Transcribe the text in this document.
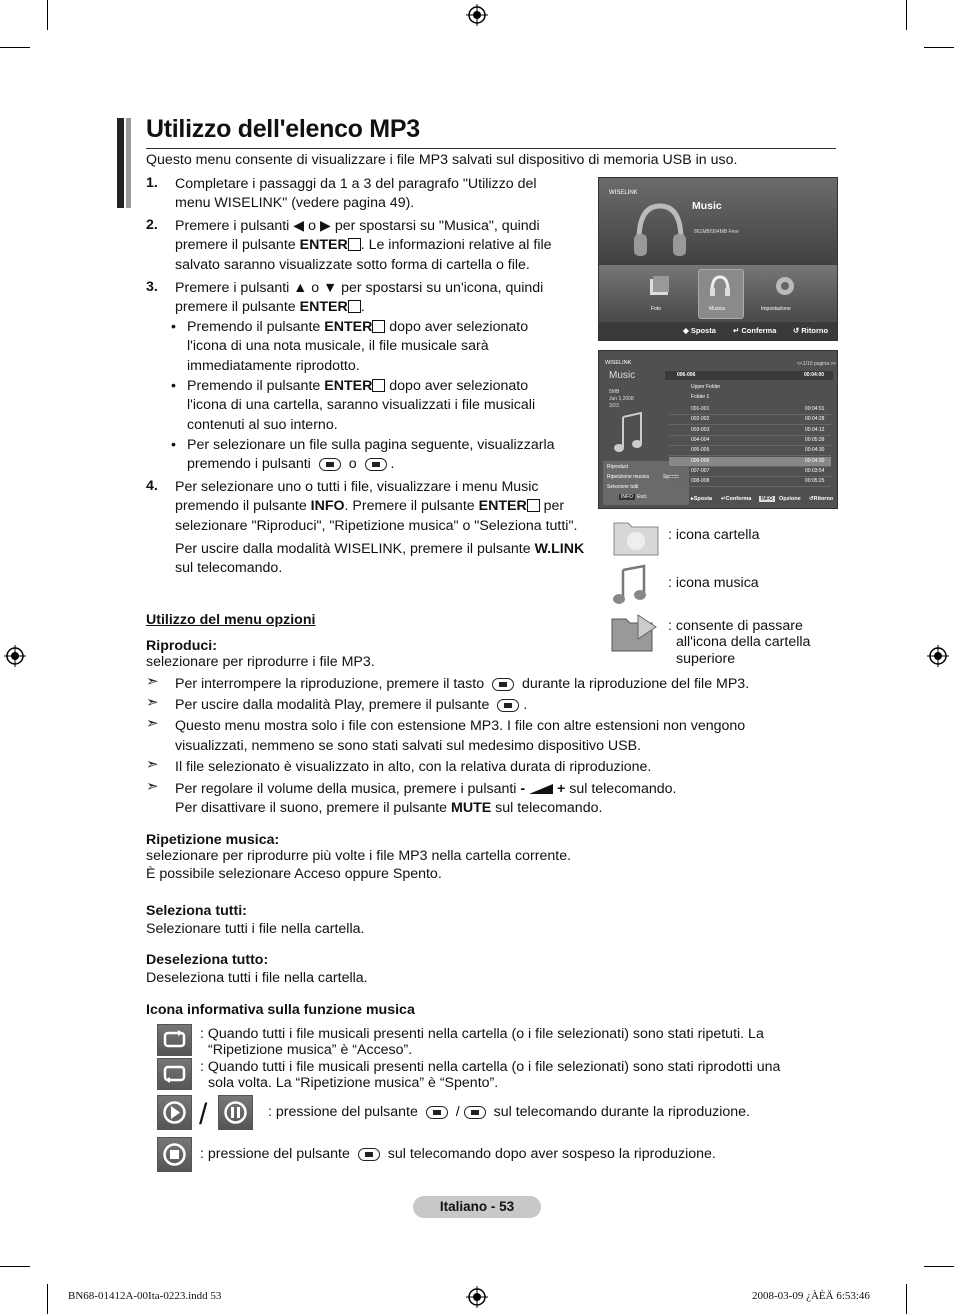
Utilizzo dell'elenco MP3
Questo menu consente di visualizzare i file MP3 salvati sul dispositivo di memoria USB in uso.
1. Completare i passaggi da 1 a 3 del paragrafo "Utilizzo del
menu WISELINK" (vedere pagina 49).
2. Premere i pulsanti ◀ o ▶ per spostarsi su "Musica", quindi
premere il pulsante ENTER . Le informazioni relative al file
salvato saranno visualizzate sotto forma di cartella o file.
3. Premere i pulsanti ▲ o ▼ per spostarsi su un'icona, quindi
premere il pulsante ENTER .
• Premendo il pulsante ENTER dopo aver selezionato
l'icona di una nota musicale, il file musicale sarà
immediatamente riprodotto.
• Premendo il pulsante ENTER dopo aver selezionato
l'icona di una cartella, saranno visualizzati i file musicali
contenuti al suo interno.
• Per selezionare un file sulla pagina seguente, visualizzarla
premendo i pulsanti  o .
4. Per selezionare uno o tutti i file, visualizzare i menu Music
premendo il pulsante INFO. Premere il pulsante ENTER per
selezionare "Riproduci", "Ripetizione musica" o "Seleziona tutti".
Per uscire dalla modalità WISELINK, premere il pulsante W.LINK
sul telecomando.
WISELINK
Music
861MB/994MB Free
Foto	Musica	Impostazione
◆ Sposta ↵ Conferma ↺ Ritorno
WISELINK	<<1/10 pagina >>
Music
5MB
Jun 1,2008
3/23
006-006	00:04:00
Upper Folder
Folder 1
Riproduci
Ripetizione musica	Spento
Selezione tutti
INFO Esci	▸Sposta ↵Conferma	INFO	Opzione ↺Ritorno
001-001	00:04:01
002-002	00:04:28
003-003	00:04:12
004-004	00:05:39
005-005	00:04:30
006-006	00:04:30
007-007	00:03:54
008-008	00:05:25
: icona cartella
: icona musica
: consente di passare
all'icona della cartella
superiore
Utilizzo del menu opzioni
Riproduci:
selezionare per riprodurre i file MP3.
➣ Per interrompere la riproduzione, premere il tasto  durante la riproduzione del file MP3.
➣ Per uscire dalla modalità Play, premere il pulsante .
➣ Questo menu mostra solo i file con estensione MP3. I file con altre estensioni non vengono
visualizzati, nemmeno se sono stati salvati sul medesimo dispositivo USB.
➣ Il file selezionato è visualizzato in alto, con la relativa durata di riproduzione.
➣ Per regolare il volume della musica, premere i pulsanti -  + sul telecomando.
Per disattivare il suono, premere il pulsante MUTE sul telecomando.
Ripetizione musica:
selezionare per riprodurre più volte i file MP3 nella cartella corrente.
È possibile selezionare Acceso oppure Spento.
Seleziona tutti:
Selezionare tutti i file nella cartella.
Deseleziona tutto:
Deseleziona tutti i file nella cartella.
Icona informativa sulla funzione musica
: Quando tutti i file musicali presenti nella cartella (o i file selezionati) sono stati ripetuti. La
“Ripetizione musica” è “Acceso”.
: Quando tutti i file musicali presenti nella cartella (o i file selezionati) sono stati riprodotti una
sola volta. La “Ripetizione musica” è “Spento”.
/	: pressione del pulsante  / sul telecomando durante la riproduzione.
: pressione del pulsante  sul telecomando dopo aver sospeso la riproduzione.
Italiano - 53
BN68-01412A-00Ita-0223.indd 53	2008-03-09 ¿ÀÈÄ 6:53:46
